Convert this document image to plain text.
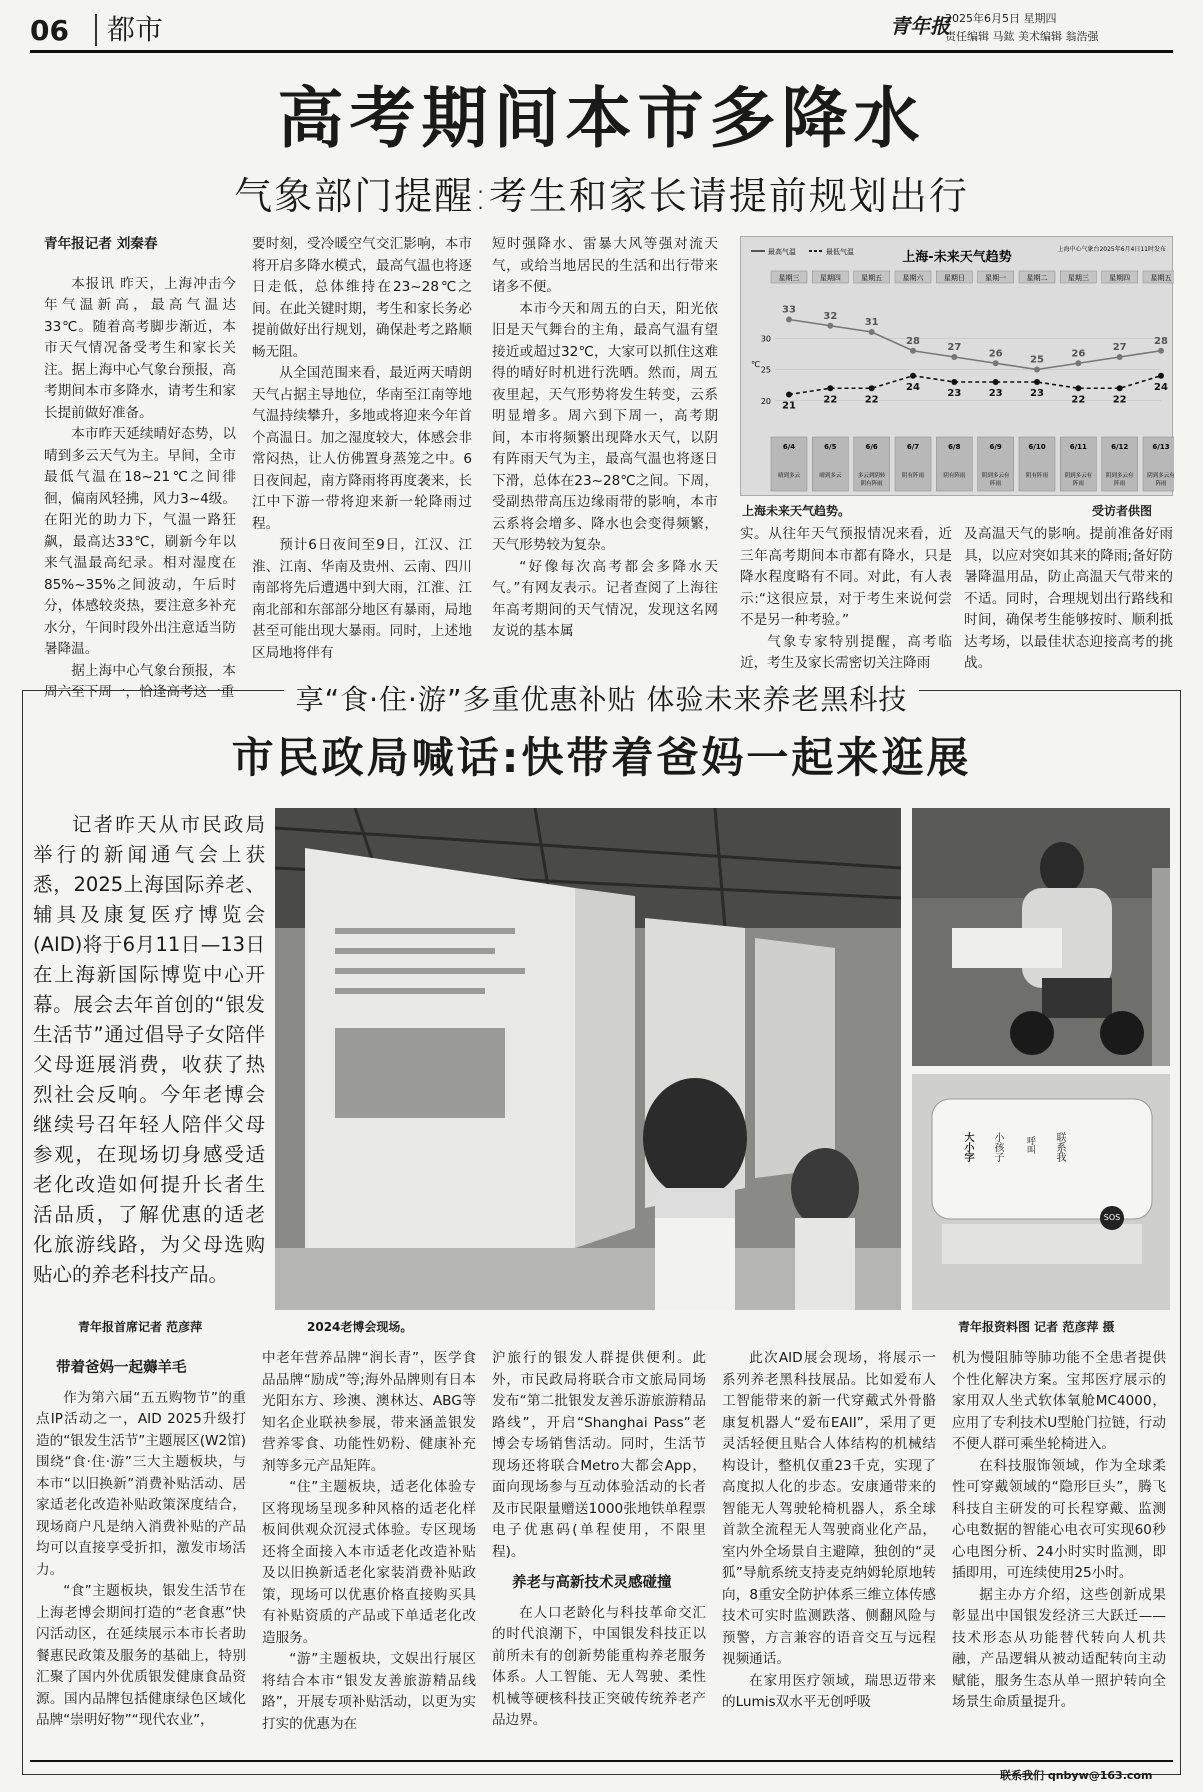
06	都市	青年报
2025年6月5日 星期四
责任编辑 马鈜 美术编辑 翁浩强
高考期间本市多降水
气象部门提醒:考生和家长请提前规划出行

青年报记者 刘秦春

本报讯 昨天，上海冲击今年气温新高，最高气温达33℃。随着高考脚步渐近，本市天气情况备受考生和家长关注。据上海中心气象台预报，高考期间本市多降水，请考生和家长提前做好准备。

本市昨天延续晴好态势，以晴到多云天气为主。早间，全市最低气温在18~21℃之间徘徊，偏南风轻拂，风力3~4级。在阳光的助力下，气温一路狂飙，最高达33℃，刷新今年以来气温最高纪录。相对湿度在85%~35%之间波动，午后时分，体感较炎热，要注意多补充水分，午间时段外出注意适当防暑降温。

据上海中心气象台预报，本周六至下周一，恰逢高考这一重

要时刻，受冷暖空气交汇影响，本市将开启多降水模式，最高气温也将逐日走低，总体维持在23~28℃之间。在此关键时期，考生和家长务必提前做好出行规划，确保赴考之路顺畅无阻。

从全国范围来看，最近两天晴朗天气占据主导地位，华南至江南等地气温持续攀升，多地或将迎来今年首个高温日。加之湿度较大，体感会非常闷热，让人仿佛置身蒸笼之中。6日夜间起，南方降雨将再度袭来，长江中下游一带将迎来新一轮降雨过程。

预计6日夜间至9日，江汉、江淮、江南、华南及贵州、云南、四川南部将先后遭遇中到大雨，江淮、江南北部和东部部分地区有暴雨，局地甚至可能出现大暴雨。同时，上述地区局地将伴有

短时强降水、雷暴大风等强对流天气，或给当地居民的生活和出行带来诸多不便。

本市今天和周五的白天，阳光依旧是天气舞台的主角，最高气温有望接近或超过32℃，大家可以抓住这难得的晴好时机进行洗晒。然而，周五夜里起，天气形势将发生转变，云系明显增多。周六到下周一，高考期间，本市将频繁出现降水天气，以阴有阵雨天气为主，最高气温也将逐日下滑，总体在23~28℃之间。下周，受副热带高压边缘雨带的影响，本市云系将会增多、降水也会变得频繁，天气形势较为复杂。

“好像每次高考都会多降水天气。”有网友表示。记者查阅了上海往年高考期间的天气情况，发现这名网友说的基本属

上海-未来天气趋势
最高气温	最低气温	上海中心气象台2025年6月4日11时发布
星期三	星期四	星期五	星期六	星期日	星期一	星期二	星期三	星期四	星期五
20
25
30
℃
33
32
31
28
27
26
25
26
27
28
21
22	22
24
23	23	23
22	22
24
6/4
晴到多云
6/5
晴到多云
6/6
多云到阴转
阴有阵雨
6/7
阴有阵雨
6/8
阴有阵雨
6/9
阴到多云有
阵雨
6/10
阴有阵雨
6/11
阴到多云有
阵雨
6/12
阴到多云有
阵雨
6/13
阴到多云有
阵雨
上海未来天气趋势。	受访者供图

实。从往年天气预报情况来看，近三年高考期间本市都有降水，只是降水程度略有不同。对此，有人表示:“这很应景，对于考生来说何尝不是另一种考验。”

气象专家特别提醒，高考临近，考生及家长需密切关注降雨

及高温天气的影响。提前准备好雨具，以应对突如其来的降雨;备好防暑降温用品，防止高温天气带来的不适。同时，合理规划出行路线和时间，确保考生能够按时、顺利抵达考场，以最佳状态迎接高考的挑战。

享“食·住·游”多重优惠补贴 体验未来养老黑科技
市民政局喊话:快带着爸妈一起来逛展

记者昨天从市民政局举行的新闻通气会上获悉，2025上海国际养老、辅具及康复医疗博览会(AID)将于6月11日—13日在上海新国际博览中心开幕。展会去年首创的“银发生活节”通过倡导子女陪伴父母逛展消费，收获了热烈社会反响。今年老博会继续号召年轻人陪伴父母参观，在现场切身感受适老化改造如何提升长者生活品质，了解优惠的适老化旅游线路，为父母选购贴心的养老科技产品。

青年报首席记者 范彦萍
大小字 小孩子 呼叫 联系我
SOS
2024老博会现场。	青年报资料图 记者 范彦萍 摄

带着爸妈一起薅羊毛

作为第六届“五五购物节”的重点IP活动之一，AID 2025升级打造的“银发生活节”主题展区(W2馆)围绕“食·住·游”三大主题板块，与本市“以旧换新”消费补贴活动、居家适老化改造补贴政策深度结合，现场商户凡是纳入消费补贴的产品均可以直接享受折扣，激发市场活力。

“食”主题板块，银发生活节在上海老博会期间打造的“老食惠”快闪活动区，在延续展示本市长者助餐惠民政策及服务的基础上，特别汇聚了国内外优质银发健康食品资源。国内品牌包括健康绿色区域化品牌“崇明好物”“现代农业”，

中老年营养品牌“润长青”，医学食品品牌“励成”等;海外品牌则有日本光阳东方、珍澳、澳林达、ABG等知名企业联袂参展，带来涵盖银发营养零食、功能性奶粉、健康补充剂等多元产品矩阵。

“住”主题板块，适老化体验专区将现场呈现多种风格的适老化样板间供观众沉浸式体验。专区现场还将全面接入本市适老化改造补贴及以旧换新适老化家装消费补贴政策，现场可以优惠价格直接购买具有补贴资质的产品或下单适老化改造服务。

“游”主题板块，文娱出行展区将结合本市“银发友善旅游精品线路”，开展专项补贴活动，以更为实打实的优惠为在

沪旅行的银发人群提供便利。此外，市民政局将联合市文旅局同场发布“第二批银发友善乐游旅游精品路线”，开启“Shanghai Pass”老博会专场销售活动。同时，生活节现场还将联合Metro大都会App，面向现场参与互动体验活动的长者及市民限量赠送1000张地铁单程票电子优惠码(单程使用，不限里程)。

养老与高新技术灵感碰撞

在人口老龄化与科技革命交汇的时代浪潮下，中国银发科技正以前所未有的创新势能重构养老服务体系。人工智能、无人驾驶、柔性机械等硬核科技正突破传统养老产品边界。

此次AID展会现场，将展示一系列养老黑科技展品。比如爱布人工智能带来的新一代穿戴式外骨骼康复机器人“爱布EAII”，采用了更灵活轻便且贴合人体结构的机械结构设计，整机仅重23千克，实现了高度拟人化的步态。安康通带来的智能无人驾驶轮椅机器人，系全球首款全流程无人驾驶商业化产品，室内外全场景自主避障，独创的“灵狐”导航系统支持麦克纳姆轮原地转向，8重安全防护体系三维立体传感技术可实时监测跌落、侧翻风险与预警，方言兼容的语音交互与远程视频通话。

在家用医疗领域，瑞思迈带来的Lumis双水平无创呼吸

机为慢阻肺等肺功能不全患者提供个性化解决方案。宝邦医疗展示的家用双人坐式软体氧舱MC4000，应用了专利技术U型舱门拉链，行动不便人群可乘坐轮椅进入。

在科技服饰领域，作为全球柔性可穿戴领域的“隐形巨头”，腾飞科技自主研发的可长程穿戴、监测心电数据的智能心电衣可实现60秒心电图分析、24小时实时监测，即插即用，可连续使用25小时。

据主办方介绍，这些创新成果彰显出中国银发经济三大跃迁——技术形态从功能替代转向人机共融，产品逻辑从被动适配转向主动赋能，服务生态从单一照护转向全场景生命质量提升。

联系我们 qnbyw@163.com
